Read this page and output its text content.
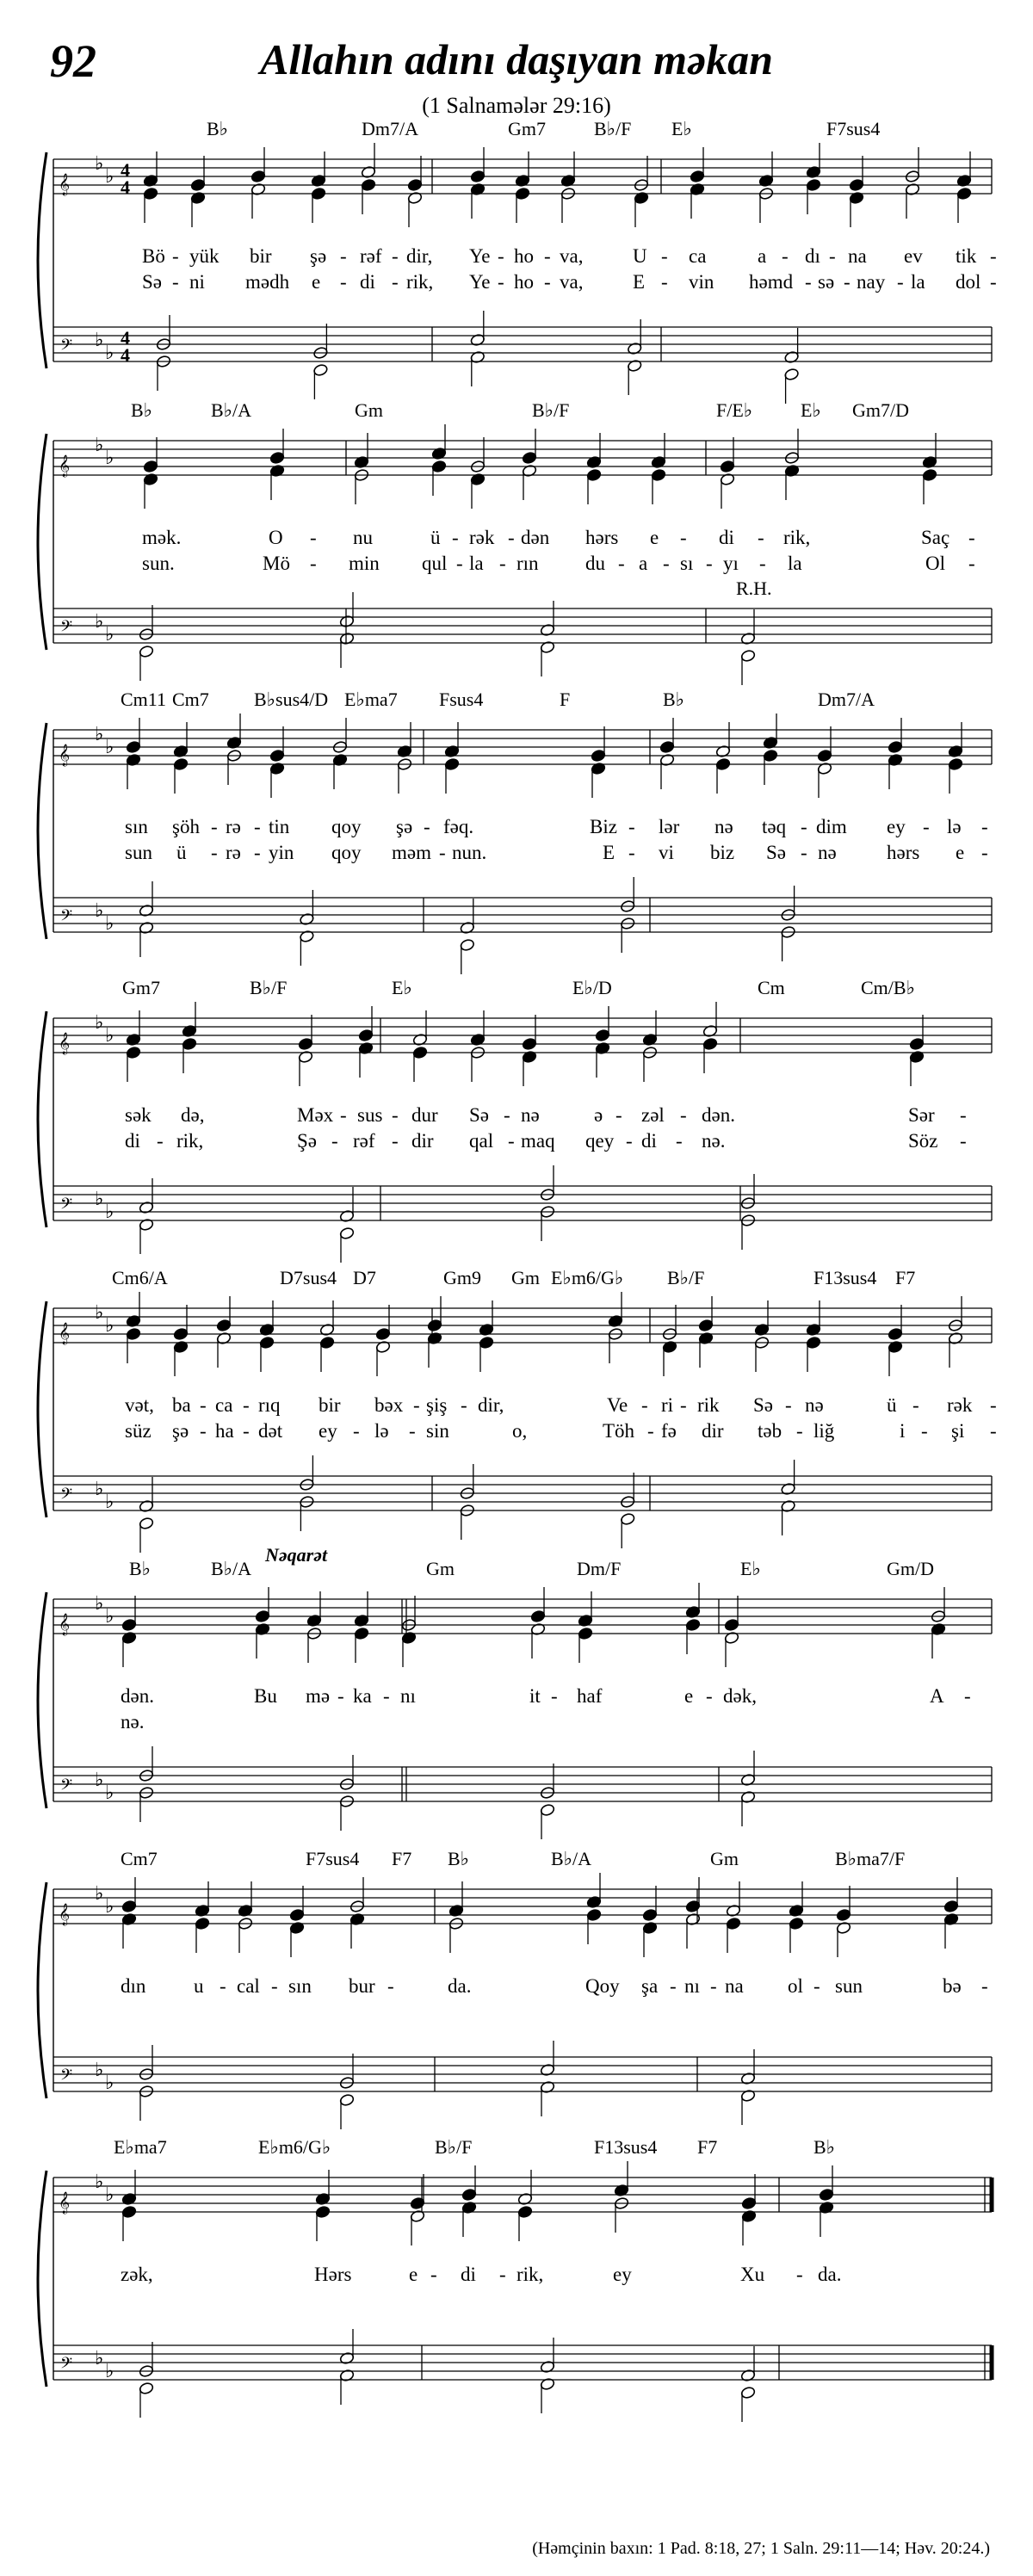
92	Allahın adını daşıyan məkan
(1 Salnamələr 29:16)
B♭	Dm7/A	Gm7	B♭/F E♭	F7sus4
𝄞
𝄢
♭
♭
♭
♭
4
4
4
4
Bö - yük bir şə - rəf - dir, Ye - ho - va,	U - ca	a - dı - na ev tik -
Sə - ni mədh e - di - rik, Ye - ho - va,	E - vin həmd - sə - nay - la dol -
B♭	B♭/A	Gm	B♭/F	F/E♭	E♭ Gm7/D
𝄞
𝄢
♭
♭
♭
♭
mək.	O - nu	ü - rək - dən hərs e - di - rik,	Saç -
sun.	Mö - min qul - la - rın du - a - sı - yı - la	Ol -
R.H.
Cm11 Cm7 B♭sus4/D E♭ma7 Fsus4	F	B♭	Dm7/A
𝄞
𝄢
♭
♭
♭
♭
sın şöh - rə - tin qoy şə - fəq.	Biz - lər nə təq - dim ey - lə -
sun ü - rə - yin qoy məm - nun.	E - vi biz Sə - nə	hərs e -
Gm7	B♭/F	E♭	E♭/D	Cm	Cm/B♭
𝄞
𝄢
♭
♭
♭
♭
sək də,	Məx - sus - dur Sə - nə	ə - zəl - dən.	Sər -
di - rik,	Şə - rəf - dir qal - maq qey - di - nə.	Söz -
Cm6/A	D7sus4 D7	Gm9 Gm E♭m6/G♭ B♭/F	F13sus4 F7
𝄞
𝄢
♭
♭
♭
♭
vət, ba - ca - rıq bir bəx - şiş - dir,	Ve - ri - rik Sə - nə	ü - rək -
süz şə - ha - dət ey - lə - sin	o,	Töh - fə dir təb - liğ	i - şi -
B♭	B♭/A	Gm	Dm/F	E♭	Gm/D
𝄞
𝄢
♭
♭
♭
♭
dən.	Bu mə - ka - nı	it - haf	e - dək,	A -
nə.
Nəqarət
Cm7	F7sus4 F7 B♭	B♭/A	Gm	B♭ma7/F
𝄞
𝄢
♭
♭
♭
♭
dın u - cal - sın bur -	da.	Qoy şa - nı - na ol - sun	bə -
E♭ma7	E♭m6/G♭	B♭/F	F13sus4 F7	B♭
𝄞
𝄢
♭
♭
♭
♭
zək,	Hərs	e - di - rik,	ey	Xu - da.
(Həmçinin baxın: 1 Pad. 8:18, 27; 1 Saln. 29:11—14; Həv. 20:24.)
